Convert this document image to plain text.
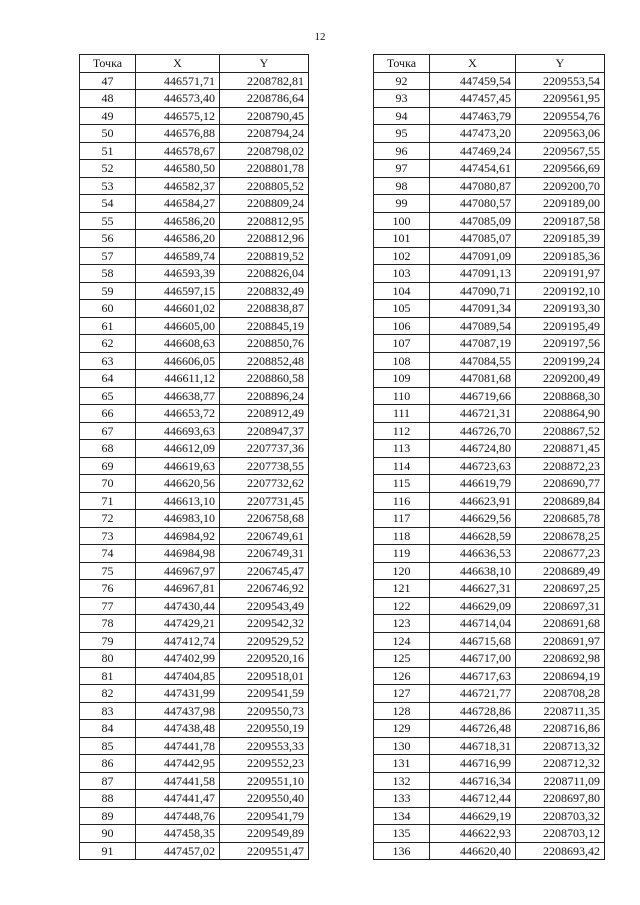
12
Точка	X	Y
47	446571,71	2208782,81
48	446573,40	2208786,64
49	446575,12	2208790,45
50	446576,88	2208794,24
51	446578,67	2208798,02
52	446580,50	2208801,78
53	446582,37	2208805,52
54	446584,27	2208809,24
55	446586,20	2208812,95
56	446586,20	2208812,96
57	446589,74	2208819,52
58	446593,39	2208826,04
59	446597,15	2208832,49
60	446601,02	2208838,87
61	446605,00	2208845,19
62	446608,63	2208850,76
63	446606,05	2208852,48
64	446611,12	2208860,58
65	446638,77	2208896,24
66	446653,72	2208912,49
67	446693,63	2208947,37
68	446612,09	2207737,36
69	446619,63	2207738,55
70	446620,56	2207732,62
71	446613,10	2207731,45
72	446983,10	2206758,68
73	446984,92	2206749,61
74	446984,98	2206749,31
75	446967,97	2206745,47
76	446967,81	2206746,92
77	447430,44	2209543,49
78	447429,21	2209542,32
79	447412,74	2209529,52
80	447402,99	2209520,16
81	447404,85	2209518,01
82	447431,99	2209541,59
83	447437,98	2209550,73
84	447438,48	2209550,19
85	447441,78	2209553,33
86	447442,95	2209552,23
87	447441,58	2209551,10
88	447441,47	2209550,40
89	447448,76	2209541,79
90	447458,35	2209549,89
91	447457,02	2209551,47
Точка	X	Y
92	447459,54	2209553,54
93	447457,45	2209561,95
94	447463,79	2209554,76
95	447473,20	2209563,06
96	447469,24	2209567,55
97	447454,61	2209566,69
98	447080,87	2209200,70
99	447080,57	2209189,00
100	447085,09	2209187,58
101	447085,07	2209185,39
102	447091,09	2209185,36
103	447091,13	2209191,97
104	447090,71	2209192,10
105	447091,34	2209193,30
106	447089,54	2209195,49
107	447087,19	2209197,56
108	447084,55	2209199,24
109	447081,68	2209200,49
110	446719,66	2208868,30
111	446721,31	2208864,90
112	446726,70	2208867,52
113	446724,80	2208871,45
114	446723,63	2208872,23
115	446619,79	2208690,77
116	446623,91	2208689,84
117	446629,56	2208685,78
118	446628,59	2208678,25
119	446636,53	2208677,23
120	446638,10	2208689,49
121	446627,31	2208697,25
122	446629,09	2208697,31
123	446714,04	2208691,68
124	446715,68	2208691,97
125	446717,00	2208692,98
126	446717,63	2208694,19
127	446721,77	2208708,28
128	446728,86	2208711,35
129	446726,48	2208716,86
130	446718,31	2208713,32
131	446716,99	2208712,32
132	446716,34	2208711,09
133	446712,44	2208697,80
134	446629,19	2208703,32
135	446622,93	2208703,12
136	446620,40	2208693,42
